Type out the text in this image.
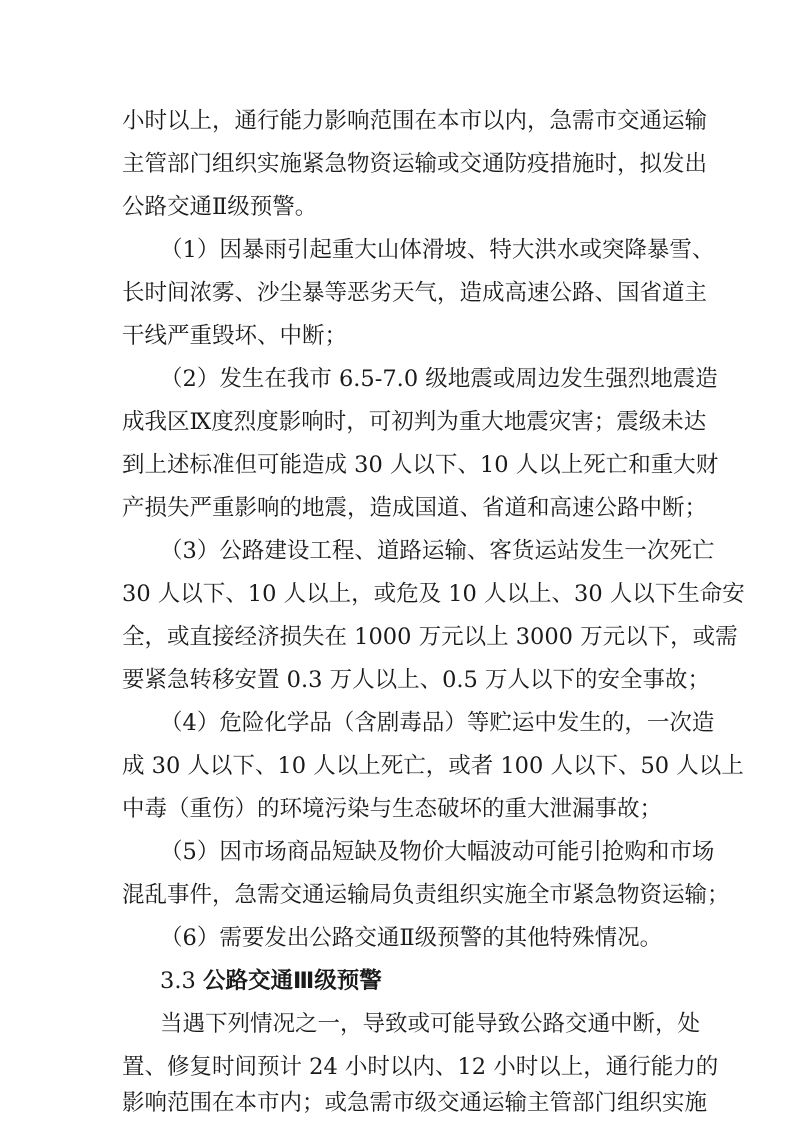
小时以上，通行能力影响范围在本市以内，急需市交通运输
主管部门组织实施紧急物资运输或交通防疫措施时，拟发出
公路交通Ⅱ级预警。
（1）因暴雨引起重大山体滑坡、特大洪水或突降暴雪、
长时间浓雾、沙尘暴等恶劣天气，造成高速公路、国省道主
干线严重毁坏、中断；
（2）发生在我市 6.5-7.0 级地震或周边发生强烈地震造
成我区Ⅸ度烈度影响时，可初判为重大地震灾害；震级未达
到上述标准但可能造成 30 人以下、10 人以上死亡和重大财
产损失严重影响的地震，造成国道、省道和高速公路中断；
（3）公路建设工程、道路运输、客货运站发生一次死亡
30 人以下、10 人以上，或危及 10 人以上、30 人以下生命安
全，或直接经济损失在 1000 万元以上 3000 万元以下，或需
要紧急转移安置 0.3 万人以上、0.5 万人以下的安全事故；
（4）危险化学品（含剧毒品）等贮运中发生的，一次造
成 30 人以下、10 人以上死亡，或者 100 人以下、50 人以上
中毒（重伤）的环境污染与生态破坏的重大泄漏事故；
（5）因市场商品短缺及物价大幅波动可能引抢购和市场
混乱事件，急需交通运输局负责组织实施全市紧急物资运输；
（6）需要发出公路交通Ⅱ级预警的其他特殊情况。
3.3 公路交通Ⅲ级预警
当遇下列情况之一，导致或可能导致公路交通中断，处
置、修复时间预计 24 小时以内、12 小时以上，通行能力的
影响范围在本市内；或急需市级交通运输主管部门组织实施
